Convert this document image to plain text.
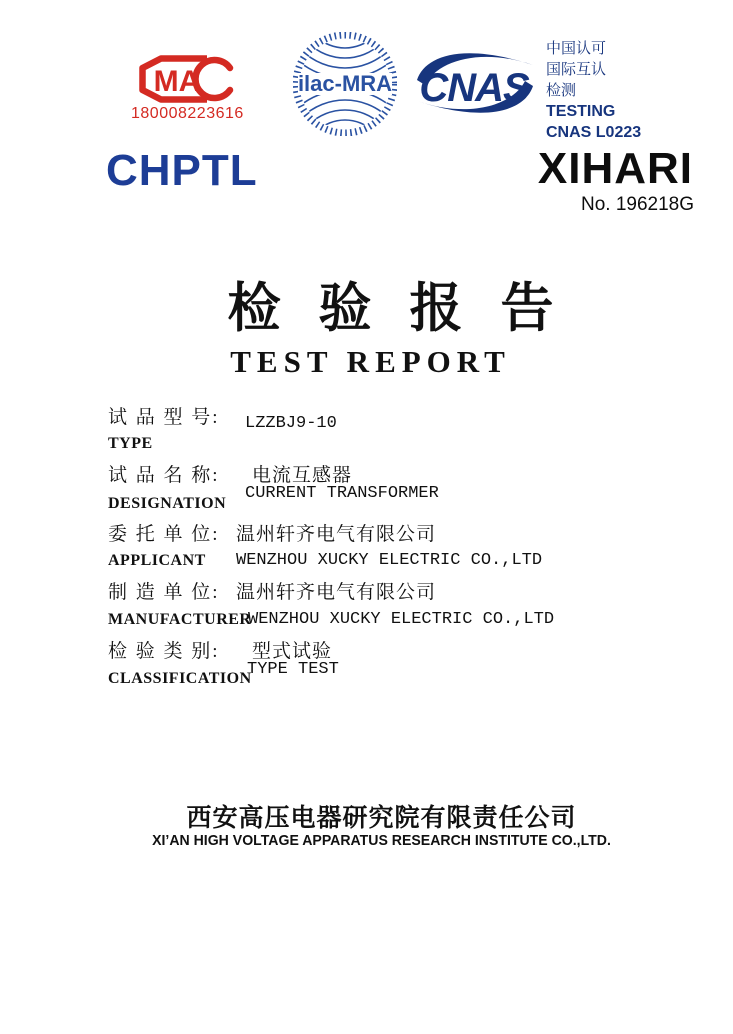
MA
180008223616
ilac-MRA CNAS
中国认可
国际互认
检测
TESTING
CNAS L0223
CHPTL	XIHARI
No. 196218G
检验报告
TEST REPORT
试 品 型 号: LZZBJ9-10
TYPE
试 品 名 称: 电流互感器
CURRENT TRANSFORMER
DESIGNATION
委 托 单 位: 温州轩齐电气有限公司
APPLICANT WENZHOU XUCKY ELECTRIC CO.,LTD
制 造 单 位: 温州轩齐电气有限公司
MANUFACTURER
WENZHOU XUCKY ELECTRIC CO.,LTD
检 验 类 别: 型式试验
TYPE TEST
CLASSIFICATION
西安高压电器研究院有限责任公司
XI’AN HIGH VOLTAGE APPARATUS RESEARCH INSTITUTE CO.,LTD.
